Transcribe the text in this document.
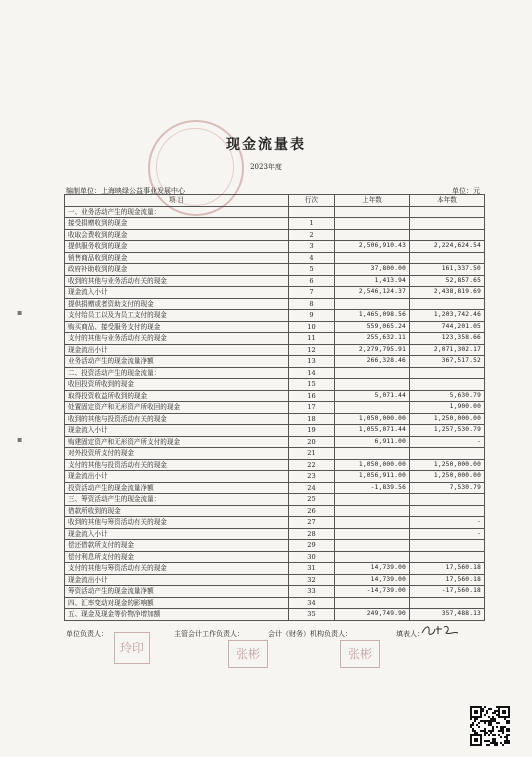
现金流量表
2023年度
编制单位：上海映绿公益事业发展中心	单位：元
项 目	行次	上年数	本年数
一、业务活动产生的现金流量：			
接受捐赠收到的现金	1		
收取会费收到的现金	2		
提供服务收到的现金	3	2,506,910.43	2,224,624.54
销售商品收到的现金	4		
政府补助收到的现金	5	37,800.00	161,337.50
收到的其他与业务活动有关的现金	6	1,413.94	52,857.65
现金流入小计	7	2,546,124.37	2,438,819.69
提供捐赠或者资助支付的现金	8		
支付给员工以及为员工支付的现金	9	1,465,098.56	1,203,742.46
购买商品、接受服务支付的现金	10	559,065.24	744,201.05
支付的其他与业务活动有关的现金	11	255,632.11	123,358.66
现金流出小计	12	2,279,795.91	2,071,302.17
业务活动产生的现金流量净额	13	266,328.46	367,517.52
二、投资活动产生的现金流量：	14		
收回投资所收到的现金	15		
取得投资收益所收到的现金	16	5,071.44	5,630.79
处置固定资产和无形资产所收回的现金	17		1,900.00
收到的其他与投资活动有关的现金	18	1,050,000.00	1,250,000.00
现金流入小计	19	1,055,071.44	1,257,530.79
购建固定资产和无形资产所支付的现金	20	6,911.00	-
对外投资所支付的现金	21		
支付的其他与投资活动有关的现金	22	1,050,000.00	1,250,000.00
现金流出小计	23	1,056,911.00	1,250,000.00
投资活动产生的现金流量净额	24	-1,839.56	7,530.79
三、筹资活动产生的现金流量：	25		
借款所收到的现金	26		
收到的其他与筹资活动有关的现金	27		-
现金流入小计	28		-
偿还借款所支付的现金	29		
偿付利息所支付的现金	30		
支付的其他与筹资活动有关的现金	31	14,739.00	17,560.18
现金流出小计	32	14,739.00	17,560.18
筹资活动产生的现金流量净额	33	-14,739.00	-17,560.18
四、汇率变动对现金的影响额	34		
五、现金及现金等价物净增加额	35	249,749.90	357,488.13
单位负责人：	主管会计工作负责人：	会计（财务）机构负责人：	填表人：
玲印	张彬	张彬
▪
▪
